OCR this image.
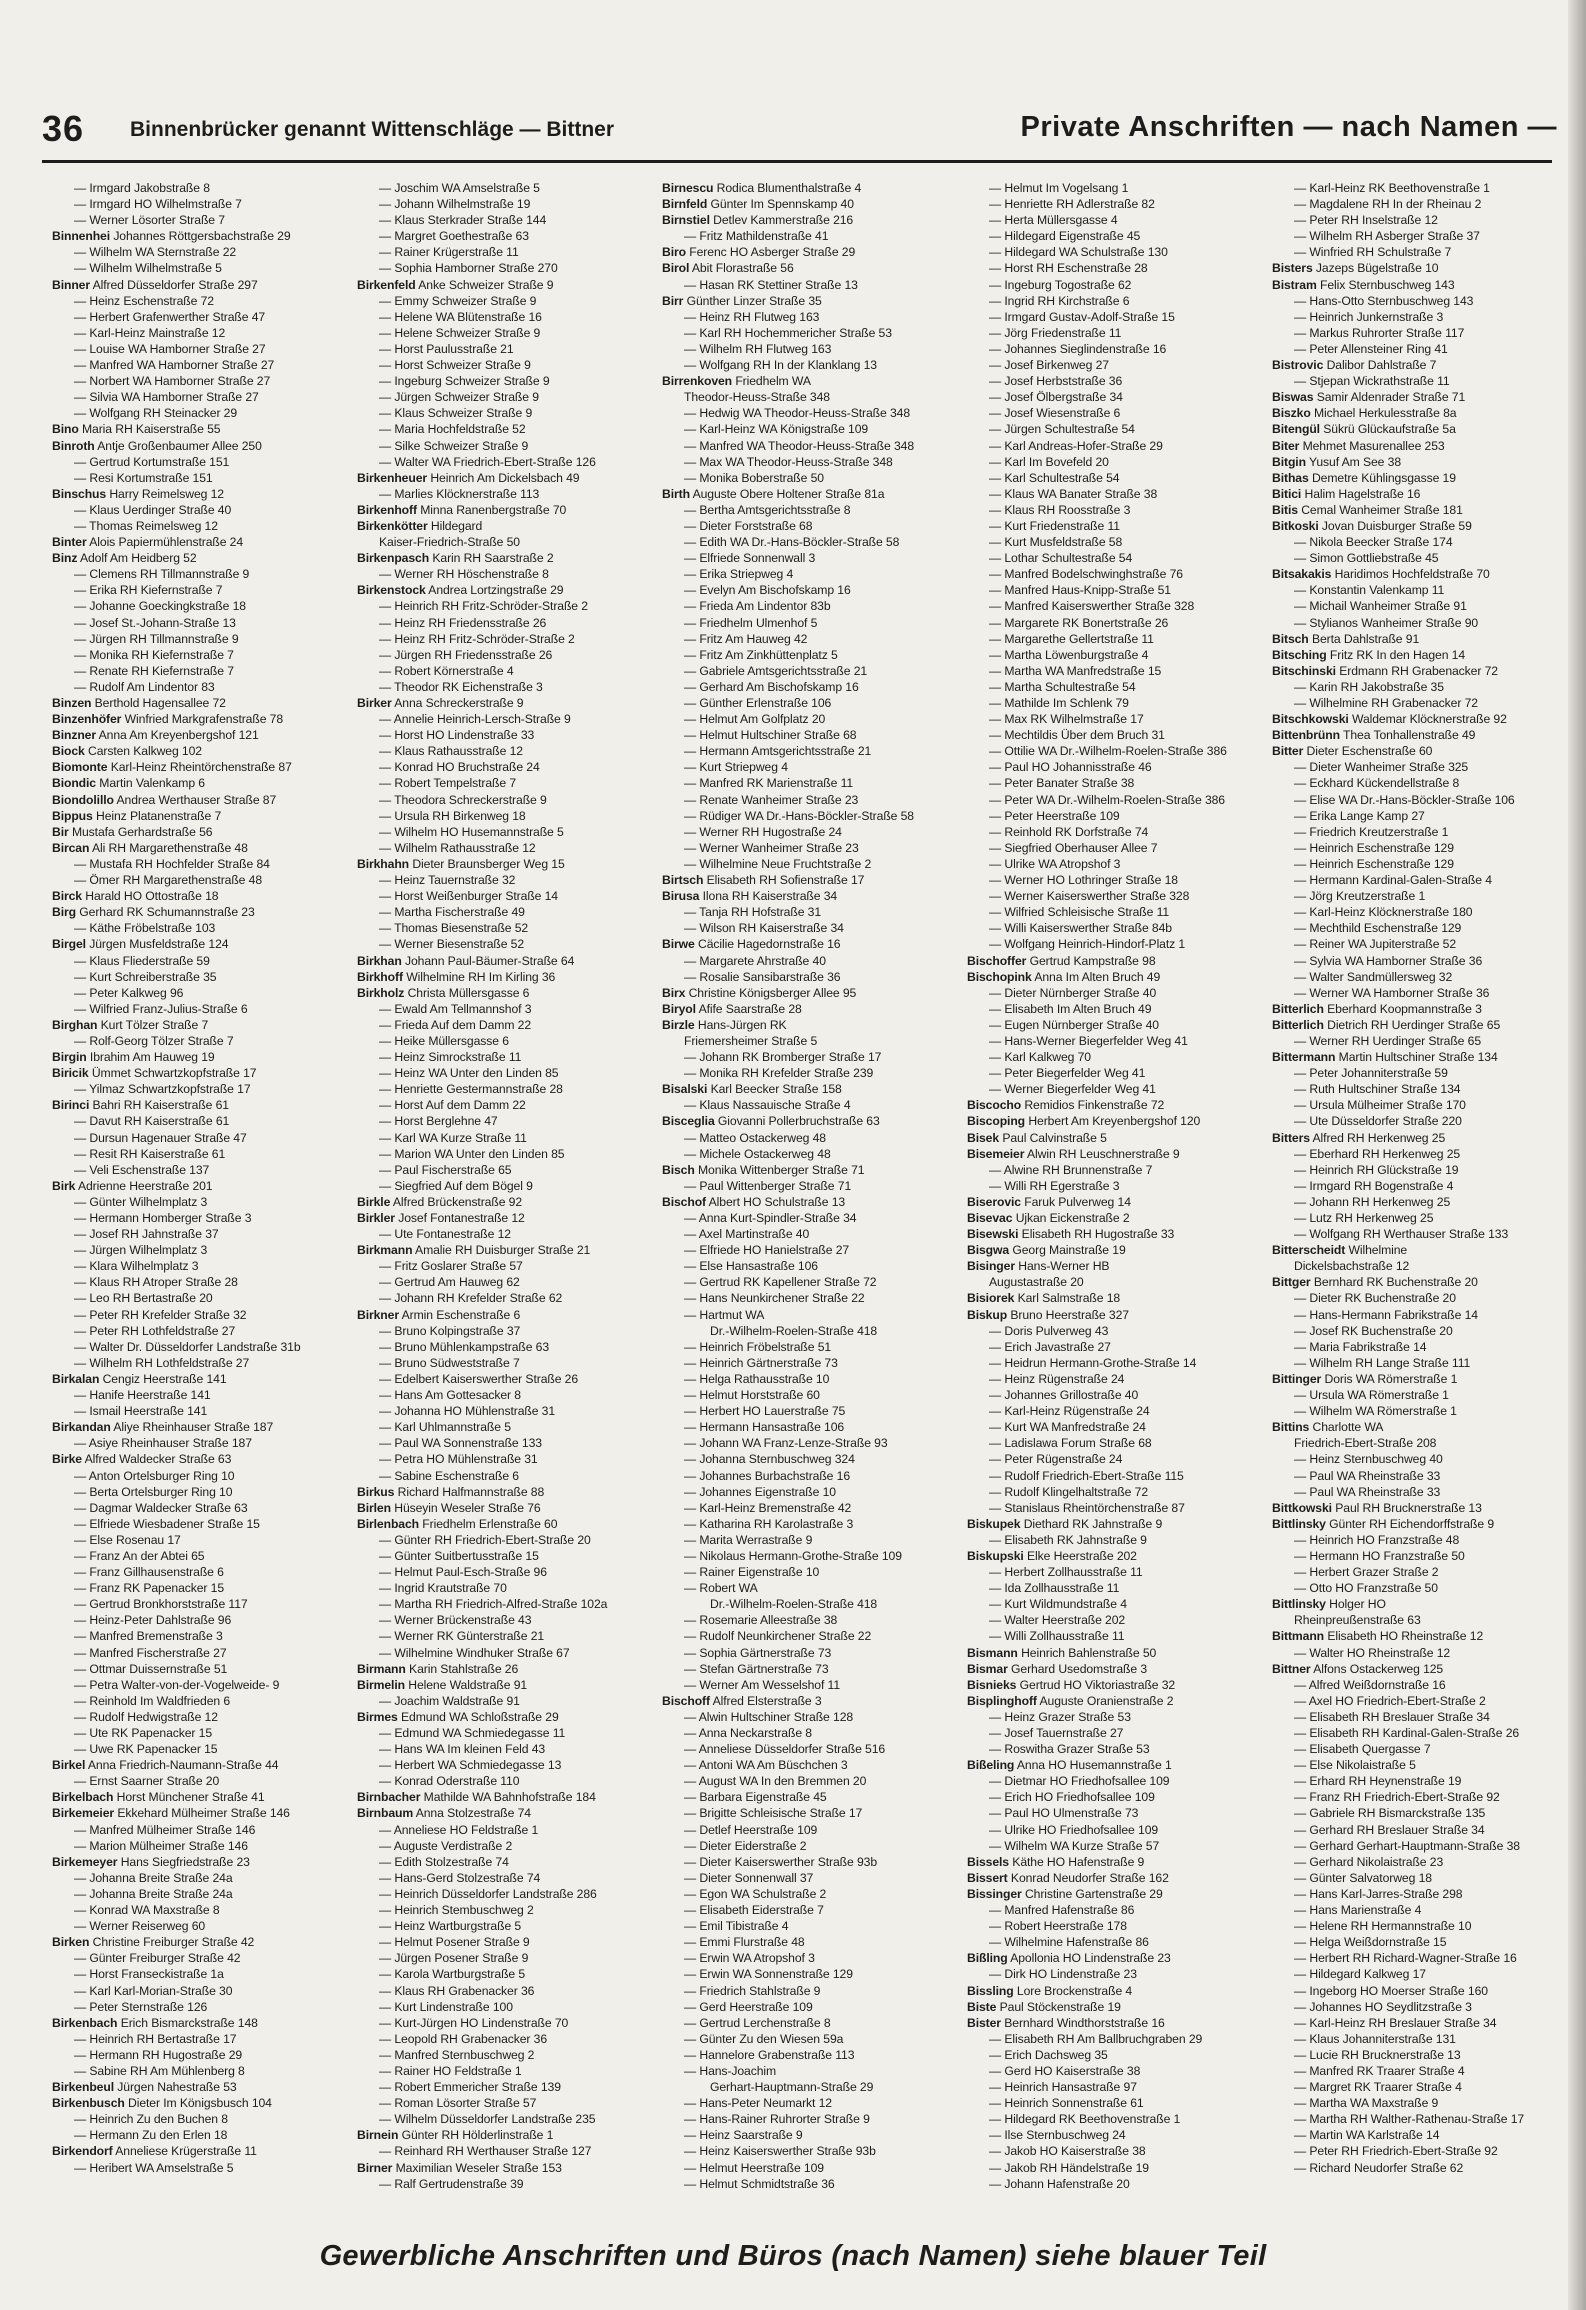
36 Binnenbrücker genannt Wittenschläge — Bittner	Private Anschriften — nach Namen —
— Irmgard Jakobstraße 8
— Irmgard HO Wilhelmstraße 7
— Werner Lösorter Straße 7
Binnenhei Johannes Röttgersbachstraße 29
— Wilhelm WA Sternstraße 22
— Wilhelm Wilhelmstraße 5
Binner Alfred Düsseldorfer Straße 297
— Heinz Eschenstraße 72
— Herbert Grafenwerther Straße 47
— Karl-Heinz Mainstraße 12
— Louise WA Hamborner Straße 27
— Manfred WA Hamborner Straße 27
— Norbert WA Hamborner Straße 27
— Silvia WA Hamborner Straße 27
— Wolfgang RH Steinacker 29
Bino Maria RH Kaiserstraße 55
Binroth Antje Großenbaumer Allee 250
— Gertrud Kortumstraße 151
— Resi Kortumstraße 151
Binschus Harry Reimelsweg 12
— Klaus Uerdinger Straße 40
— Thomas Reimelsweg 12
Binter Alois Papiermühlenstraße 24
Binz Adolf Am Heidberg 52
— Clemens RH Tillmannstraße 9
— Erika RH Kiefernstraße 7
— Johanne Goeckingkstraße 18
— Josef St.-Johann-Straße 13
— Jürgen RH Tillmannstraße 9
— Monika RH Kiefernstraße 7
— Renate RH Kiefernstraße 7
— Rudolf Am Lindentor 83
Binzen Berthold Hagensallee 72
Binzenhöfer Winfried Markgrafenstraße 78
Binzner Anna Am Kreyenbergshof 121
Biock Carsten Kalkweg 102
Biomonte Karl-Heinz Rheintörchenstraße 87
Biondic Martin Valenkamp 6
Biondolillo Andrea Werthauser Straße 87
Bippus Heinz Platanenstraße 7
Bir Mustafa Gerhardstraße 56
Bircan Ali RH Margarethenstraße 48
— Mustafa RH Hochfelder Straße 84
— Ömer RH Margarethenstraße 48
Birck Harald HO Ottostraße 18
Birg Gerhard RK Schumannstraße 23
— Käthe Fröbelstraße 103
Birgel Jürgen Musfeldstraße 124
— Klaus Fliederstraße 59
— Kurt Schreiberstraße 35
— Peter Kalkweg 96
— Wilfried Franz-Julius-Straße 6
Birghan Kurt Tölzer Straße 7
— Rolf-Georg Tölzer Straße 7
Birgin Ibrahim Am Hauweg 19
Biricik Ümmet Schwartzkopfstraße 17
— Yilmaz Schwartzkopfstraße 17
Birinci Bahri RH Kaiserstraße 61
— Davut RH Kaiserstraße 61
— Dursun Hagenauer Straße 47
— Resit RH Kaiserstraße 61
— Veli Eschenstraße 137
Birk Adrienne Heerstraße 201
— Günter Wilhelmplatz 3
— Hermann Homberger Straße 3
— Josef RH Jahnstraße 37
— Jürgen Wilhelmplatz 3
— Klara Wilhelmplatz 3
— Klaus RH Atroper Straße 28
— Leo RH Bertastraße 20
— Peter RH Krefelder Straße 32
— Peter RH Lothfeldstraße 27
— Walter Dr. Düsseldorfer Landstraße 31b
— Wilhelm RH Lothfeldstraße 27
Birkalan Cengiz Heerstraße 141
— Hanife Heerstraße 141
— Ismail Heerstraße 141
Birkandan Aliye Rheinhauser Straße 187
— Asiye Rheinhauser Straße 187
Birke Alfred Waldecker Straße 63
— Anton Ortelsburger Ring 10
— Berta Ortelsburger Ring 10
— Dagmar Waldecker Straße 63
— Elfriede Wiesbadener Straße 15
— Else Rosenau 17
— Franz An der Abtei 65
— Franz Gillhausenstraße 6
— Franz RK Papenacker 15
— Gertrud Bronkhorststraße 117
— Heinz-Peter Dahlstraße 96
— Manfred Bremenstraße 3
— Manfred Fischerstraße 27
— Ottmar Duissernstraße 51
— Petra Walter-von-der-Vogelweide- 9
— Reinhold Im Waldfrieden 6
— Rudolf Hedwigstraße 12
— Ute RK Papenacker 15
— Uwe RK Papenacker 15
Birkel Anna Friedrich-Naumann-Straße 44
— Ernst Saarner Straße 20
Birkelbach Horst Münchener Straße 41
Birkemeier Ekkehard Mülheimer Straße 146
— Manfred Mülheimer Straße 146
— Marion Mülheimer Straße 146
Birkemeyer Hans Siegfriedstraße 23
— Johanna Breite Straße 24a
— Johanna Breite Straße 24a
— Konrad WA Maxstraße 8
— Werner Reiserweg 60
Birken Christine Freiburger Straße 42
— Günter Freiburger Straße 42
— Horst Franseckistraße 1a
— Karl Karl-Morian-Straße 30
— Peter Sternstraße 126
Birkenbach Erich Bismarckstraße 148
— Heinrich RH Bertastraße 17
— Hermann RH Hugostraße 29
— Sabine RH Am Mühlenberg 8
Birkenbeul Jürgen Nahestraße 53
Birkenbusch Dieter Im Königsbusch 104
— Heinrich Zu den Buchen 8
— Hermann Zu den Erlen 18
Birkendorf Anneliese Krügerstraße 11
— Heribert WA Amselstraße 5
— Joschim WA Amselstraße 5
— Johann Wilhelmstraße 19
— Klaus Sterkrader Straße 144
— Margret Goethestraße 63
— Rainer Krügerstraße 11
— Sophia Hamborner Straße 270
Birkenfeld Anke Schweizer Straße 9
— Emmy Schweizer Straße 9
— Helene WA Blütenstraße 16
— Helene Schweizer Straße 9
— Horst Paulusstraße 21
— Horst Schweizer Straße 9
— Ingeburg Schweizer Straße 9
— Jürgen Schweizer Straße 9
— Klaus Schweizer Straße 9
— Maria Hochfeldstraße 52
— Silke Schweizer Straße 9
— Walter WA Friedrich-Ebert-Straße 126
Birkenheuer Heinrich Am Dickelsbach 49
— Marlies Klöcknerstraße 113
Birkenhoff Minna Ranenbergstraße 70
Birkenkötter Hildegard
Kaiser-Friedrich-Straße 50
Birkenpasch Karin RH Saarstraße 2
— Werner RH Höschenstraße 8
Birkenstock Andrea Lortzingstraße 29
— Heinrich RH Fritz-Schröder-Straße 2
— Heinz RH Friedensstraße 26
— Heinz RH Fritz-Schröder-Straße 2
— Jürgen RH Friedensstraße 26
— Robert Körnerstraße 4
— Theodor RK Eichenstraße 3
Birker Anna Schreckerstraße 9
— Annelie Heinrich-Lersch-Straße 9
— Horst HO Lindenstraße 33
— Klaus Rathausstraße 12
— Konrad HO Bruchstraße 24
— Robert Tempelstraße 7
— Theodora Schreckerstraße 9
— Ursula RH Birkenweg 18
— Wilhelm HO Husemannstraße 5
— Wilhelm Rathausstraße 12
Birkhahn Dieter Braunsberger Weg 15
— Heinz Tauernstraße 32
— Horst Weißenburger Straße 14
— Martha Fischerstraße 49
— Thomas Biesenstraße 52
— Werner Biesenstraße 52
Birkhan Johann Paul-Bäumer-Straße 64
Birkhoff Wilhelmine RH Im Kirling 36
Birkholz Christa Müllersgasse 6
— Ewald Am Tellmannshof 3
— Frieda Auf dem Damm 22
— Heike Müllersgasse 6
— Heinz Simrockstraße 11
— Heinz WA Unter den Linden 85
— Henriette Gestermannstraße 28
— Horst Auf dem Damm 22
— Horst Berglehne 47
— Karl WA Kurze Straße 11
— Marion WA Unter den Linden 85
— Paul Fischerstraße 65
— Siegfried Auf dem Bögel 9
Birkle Alfred Brückenstraße 92
Birkler Josef Fontanestraße 12
— Ute Fontanestraße 12
Birkmann Amalie RH Duisburger Straße 21
— Fritz Goslarer Straße 57
— Gertrud Am Hauweg 62
— Johann RH Krefelder Straße 62
Birkner Armin Eschenstraße 6
— Bruno Kolpingstraße 37
— Bruno Mühlenkampstraße 63
— Bruno Südweststraße 7
— Edelbert Kaiserswerther Straße 26
— Hans Am Gottesacker 8
— Johanna HO Mühlenstraße 31
— Karl Uhlmannstraße 5
— Paul WA Sonnenstraße 133
— Petra HO Mühlenstraße 31
— Sabine Eschenstraße 6
Birkus Richard Halfmannstraße 88
Birlen Hüseyin Weseler Straße 76
Birlenbach Friedhelm Erlenstraße 60
— Günter RH Friedrich-Ebert-Straße 20
— Günter Suitbertusstraße 15
— Helmut Paul-Esch-Straße 96
— Ingrid Krautstraße 70
— Martha RH Friedrich-Alfred-Straße 102a
— Werner Brückenstraße 43
— Werner RK Günterstraße 21
— Wilhelmine Windhuker Straße 67
Birmann Karin Stahlstraße 26
Birmelin Helene Waldstraße 91
— Joachim Waldstraße 91
Birmes Edmund WA Schloßstraße 29
— Edmund WA Schmiedegasse 11
— Hans WA Im kleinen Feld 43
— Herbert WA Schmiedegasse 13
— Konrad Oderstraße 110
Birnbacher Mathilde WA Bahnhofstraße 184
Birnbaum Anna Stolzestraße 74
— Anneliese HO Feldstraße 1
— Auguste Verdistraße 2
— Edith Stolzestraße 74
— Hans-Gerd Stolzestraße 74
— Heinrich Düsseldorfer Landstraße 286
— Heinrich Stembuschweg 2
— Heinz Wartburgstraße 5
— Helmut Posener Straße 9
— Jürgen Posener Straße 9
— Karola Wartburgstraße 5
— Klaus RH Grabenacker 36
— Kurt Lindenstraße 100
— Kurt-Jürgen HO Lindenstraße 70
— Leopold RH Grabenacker 36
— Manfred Sternbuschweg 2
— Rainer HO Feldstraße 1
— Robert Emmericher Straße 139
— Roman Lösorter Straße 57
— Wilhelm Düsseldorfer Landstraße 235
Birnein Günter RH Hölderlinstraße 1
— Reinhard RH Werthauser Straße 127
Birner Maximilian Weseler Straße 153
— Ralf Gertrudenstraße 39
Birnescu Rodica Blumenthalstraße 4
Birnfeld Günter Im Spennskamp 40
Birnstiel Detlev Kammerstraße 216
— Fritz Mathildenstraße 41
Biro Ferenc HO Asberger Straße 29
Birol Abit Florastraße 56
— Hasan RK Stettiner Straße 13
Birr Günther Linzer Straße 35
— Heinz RH Flutweg 163
— Karl RH Hochemmericher Straße 53
— Wilhelm RH Flutweg 163
— Wolfgang RH In der Klanklang 13
Birrenkoven Friedhelm WA
Theodor-Heuss-Straße 348
— Hedwig WA Theodor-Heuss-Straße 348
— Karl-Heinz WA Königstraße 109
— Manfred WA Theodor-Heuss-Straße 348
— Max WA Theodor-Heuss-Straße 348
— Monika Boberstraße 50
Birth Auguste Obere Holtener Straße 81a
— Bertha Amtsgerichtsstraße 8
— Dieter Forststraße 68
— Edith WA Dr.-Hans-Böckler-Straße 58
— Elfriede Sonnenwall 3
— Erika Striepweg 4
— Evelyn Am Bischofskamp 16
— Frieda Am Lindentor 83b
— Friedhelm Ulmenhof 5
— Fritz Am Hauweg 42
— Fritz Am Zinkhüttenplatz 5
— Gabriele Amtsgerichtsstraße 21
— Gerhard Am Bischofskamp 16
— Günther Erlenstraße 106
— Helmut Am Golfplatz 20
— Helmut Hultschiner Straße 68
— Hermann Amtsgerichtsstraße 21
— Kurt Striepweg 4
— Manfred RK Marienstraße 11
— Renate Wanheimer Straße 23
— Rüdiger WA Dr.-Hans-Böckler-Straße 58
— Werner RH Hugostraße 24
— Werner Wanheimer Straße 23
— Wilhelmine Neue Fruchtstraße 2
Birtsch Elisabeth RH Sofienstraße 17
Birusa Ilona RH Kaiserstraße 34
— Tanja RH Hofstraße 31
— Wilson RH Kaiserstraße 34
Birwe Cäcilie Hagedornstraße 16
— Margarete Ahrstraße 40
— Rosalie Sansibarstraße 36
Birx Christine Königsberger Allee 95
Biryol Afife Saarstraße 28
Birzle Hans-Jürgen RK
Friemersheimer Straße 5
— Johann RK Bromberger Straße 17
— Monika RH Krefelder Straße 239
Bisalski Karl Beecker Straße 158
— Klaus Nassauische Straße 4
Bisceglia Giovanni Pollerbruchstraße 63
— Matteo Ostackerweg 48
— Michele Ostackerweg 48
Bisch Monika Wittenberger Straße 71
— Paul Wittenberger Straße 71
Bischof Albert HO Schulstraße 13
— Anna Kurt-Spindler-Straße 34
— Axel Martinstraße 40
— Elfriede HO Hanielstraße 27
— Else Hansastraße 106
— Gertrud RK Kapellener Straße 72
— Hans Neunkirchener Straße 22
— Hartmut WA
Dr.-Wilhelm-Roelen-Straße 418
— Heinrich Fröbelstraße 51
— Heinrich Gärtnerstraße 73
— Helga Rathausstraße 10
— Helmut Horststraße 60
— Herbert HO Lauerstraße 75
— Hermann Hansastraße 106
— Johann WA Franz-Lenze-Straße 93
— Johanna Sternbuschweg 324
— Johannes Burbachstraße 16
— Johannes Eigenstraße 10
— Karl-Heinz Bremenstraße 42
— Katharina RH Karolastraße 3
— Marita Werrastraße 9
— Nikolaus Hermann-Grothe-Straße 109
— Rainer Eigenstraße 10
— Robert WA
Dr.-Wilhelm-Roelen-Straße 418
— Rosemarie Alleestraße 38
— Rudolf Neunkirchener Straße 22
— Sophia Gärtnerstraße 73
— Stefan Gärtnerstraße 73
— Werner Am Wesselshof 11
Bischoff Alfred Elsterstraße 3
— Alwin Hultschiner Straße 128
— Anna Neckarstraße 8
— Anneliese Düsseldorfer Straße 516
— Antoni WA Am Büschchen 3
— August WA In den Bremmen 20
— Barbara Eigenstraße 45
— Brigitte Schleisische Straße 17
— Detlef Heerstraße 109
— Dieter Eiderstraße 2
— Dieter Kaiserswerther Straße 93b
— Dieter Sonnenwall 37
— Egon WA Schulstraße 2
— Elisabeth Eiderstraße 7
— Emil Tibistraße 4
— Emmi Flurstraße 48
— Erwin WA Atropshof 3
— Erwin WA Sonnenstraße 129
— Friedrich Stahlstraße 9
— Gerd Heerstraße 109
— Gertrud Lerchenstraße 8
— Günter Zu den Wiesen 59a
— Hannelore Grabenstraße 113
— Hans-Joachim
Gerhart-Hauptmann-Straße 29
— Hans-Peter Neumarkt 12
— Hans-Rainer Ruhrorter Straße 9
— Heinz Saarstraße 9
— Heinz Kaiserswerther Straße 93b
— Helmut Heerstraße 109
— Helmut Schmidtstraße 36
— Helmut Im Vogelsang 1
— Henriette RH Adlerstraße 82
— Herta Müllersgasse 4
— Hildegard Eigenstraße 45
— Hildegard WA Schulstraße 130
— Horst RH Eschenstraße 28
— Ingeburg Togostraße 62
— Ingrid RH Kirchstraße 6
— Irmgard Gustav-Adolf-Straße 15
— Jörg Friedenstraße 11
— Johannes Sieglindenstraße 16
— Josef Birkenweg 27
— Josef Herbststraße 36
— Josef Ölbergstraße 34
— Josef Wiesenstraße 6
— Jürgen Schultestraße 54
— Karl Andreas-Hofer-Straße 29
— Karl Im Bovefeld 20
— Karl Schultestraße 54
— Klaus WA Banater Straße 38
— Klaus RH Roosstraße 3
— Kurt Friedenstraße 11
— Kurt Musfeldstraße 58
— Lothar Schultestraße 54
— Manfred Bodelschwinghstraße 76
— Manfred Haus-Knipp-Straße 51
— Manfred Kaiserswerther Straße 328
— Margarete RK Bonertstraße 26
— Margarethe Gellertstraße 11
— Martha Löwenburgstraße 4
— Martha WA Manfredstraße 15
— Martha Schultestraße 54
— Mathilde Im Schlenk 79
— Max RK Wilhelmstraße 17
— Mechtildis Über dem Bruch 31
— Ottilie WA Dr.-Wilhelm-Roelen-Straße 386
— Paul HO Johannisstraße 46
— Peter Banater Straße 38
— Peter WA Dr.-Wilhelm-Roelen-Straße 386
— Peter Heerstraße 109
— Reinhold RK Dorfstraße 74
— Siegfried Oberhauser Allee 7
— Ulrike WA Atropshof 3
— Werner HO Lothringer Straße 18
— Werner Kaiserswerther Straße 328
— Wilfried Schleisische Straße 11
— Willi Kaiserswerther Straße 84b
— Wolfgang Heinrich-Hindorf-Platz 1
Bischoffer Gertrud Kampstraße 98
Bischopink Anna Im Alten Bruch 49
— Dieter Nürnberger Straße 40
— Elisabeth Im Alten Bruch 49
— Eugen Nürnberger Straße 40
— Hans-Werner Biegerfelder Weg 41
— Karl Kalkweg 70
— Peter Biegerfelder Weg 41
— Werner Biegerfelder Weg 41
Biscocho Remidios Finkenstraße 72
Biscoping Herbert Am Kreyenbergshof 120
Bisek Paul Calvinstraße 5
Bisemeier Alwin RH Leuschnerstraße 9
— Alwine RH Brunnenstraße 7
— Willi RH Egerstraße 3
Biserovic Faruk Pulverweg 14
Bisevac Ujkan Eickenstraße 2
Bisewski Elisabeth RH Hugostraße 33
Bisgwa Georg Mainstraße 19
Bisinger Hans-Werner HB
Augustastraße 20
Bisiorek Karl Salmstraße 18
Biskup Bruno Heerstraße 327
— Doris Pulverweg 43
— Erich Javastraße 27
— Heidrun Hermann-Grothe-Straße 14
— Heinz Rügenstraße 24
— Johannes Grillostraße 40
— Karl-Heinz Rügenstraße 24
— Kurt WA Manfredstraße 24
— Ladislawa Forum Straße 68
— Peter Rügenstraße 24
— Rudolf Friedrich-Ebert-Straße 115
— Rudolf Klingelhaltstraße 72
— Stanislaus Rheintörchenstraße 87
Biskupek Diethard RK Jahnstraße 9
— Elisabeth RK Jahnstraße 9
Biskupski Elke Heerstraße 202
— Herbert Zollhausstraße 11
— Ida Zollhausstraße 11
— Kurt Wildmundstraße 4
— Walter Heerstraße 202
— Willi Zollhausstraße 11
Bismann Heinrich Bahlenstraße 50
Bismar Gerhard Usedomstraße 3
Bisnieks Gertrud HO Viktoriastraße 32
Bisplinghoff Auguste Oranienstraße 2
— Heinz Grazer Straße 53
— Josef Tauernstraße 27
— Roswitha Grazer Straße 53
Bißeling Anna HO Husemannstraße 1
— Dietmar HO Friedhofsallee 109
— Erich HO Friedhofsallee 109
— Paul HO Ulmenstraße 73
— Ulrike HO Friedhofsallee 109
— Wilhelm WA Kurze Straße 57
Bissels Käthe HO Hafenstraße 9
Bissert Konrad Neudorfer Straße 162
Bissinger Christine Gartenstraße 29
— Manfred Hafenstraße 86
— Robert Heerstraße 178
— Wilhelmine Hafenstraße 86
Bißling Apollonia HO Lindenstraße 23
— Dirk HO Lindenstraße 23
Bissling Lore Brockenstraße 4
Biste Paul Stöckenstraße 19
Bister Bernhard Windthorststraße 16
— Elisabeth RH Am Ballbruchgraben 29
— Erich Dachsweg 35
— Gerd HO Kaiserstraße 38
— Heinrich Hansastraße 97
— Heinrich Sonnenstraße 61
— Hildegard RK Beethovenstraße 1
— Ilse Sternbuschweg 24
— Jakob HO Kaiserstraße 38
— Jakob RH Händelstraße 19
— Johann Hafenstraße 20
— Karl-Heinz RK Beethovenstraße 1
— Magdalene RH In der Rheinau 2
— Peter RH Inselstraße 12
— Wilhelm RH Asberger Straße 37
— Winfried RH Schulstraße 7
Bisters Jazeps Bügelstraße 10
Bistram Felix Sternbuschweg 143
— Hans-Otto Sternbuschweg 143
— Heinrich Junkernstraße 3
— Markus Ruhrorter Straße 117
— Peter Allensteiner Ring 41
Bistrovic Dalibor Dahlstraße 7
— Stjepan Wickrathstraße 11
Biswas Samir Aldenrader Straße 71
Biszko Michael Herkulesstraße 8a
Bitengül Sükrü Glückaufstraße 5a
Biter Mehmet Masurenallee 253
Bitgin Yusuf Am See 38
Bithas Demetre Kühlingsgasse 19
Bitici Halim Hagelstraße 16
Bitis Cemal Wanheimer Straße 181
Bitkoski Jovan Duisburger Straße 59
— Nikola Beecker Straße 174
— Simon Gottliebstraße 45
Bitsakakis Haridimos Hochfeldstraße 70
— Konstantin Valenkamp 11
— Michail Wanheimer Straße 91
— Stylianos Wanheimer Straße 90
Bitsch Berta Dahlstraße 91
Bitsching Fritz RK In den Hagen 14
Bitschinski Erdmann RH Grabenacker 72
— Karin RH Jakobstraße 35
— Wilhelmine RH Grabenacker 72
Bitschkowski Waldemar Klöcknerstraße 92
Bittenbrünn Thea Tonhallenstraße 49
Bitter Dieter Eschenstraße 60
— Dieter Wanheimer Straße 325
— Eckhard Kückendellstraße 8
— Elise WA Dr.-Hans-Böckler-Straße 106
— Erika Lange Kamp 27
— Friedrich Kreutzerstraße 1
— Heinrich Eschenstraße 129
— Heinrich Eschenstraße 129
— Hermann Kardinal-Galen-Straße 4
— Jörg Kreutzerstraße 1
— Karl-Heinz Klöcknerstraße 180
— Mechthild Eschenstraße 129
— Reiner WA Jupiterstraße 52
— Sylvia WA Hamborner Straße 36
— Walter Sandmüllersweg 32
— Werner WA Hamborner Straße 36
Bitterlich Eberhard Koopmannstraße 3
Bitterlich Dietrich RH Uerdinger Straße 65
— Werner RH Uerdinger Straße 65
Bittermann Martin Hultschiner Straße 134
— Peter Johanniterstraße 59
— Ruth Hultschiner Straße 134
— Ursula Mülheimer Straße 170
— Ute Düsseldorfer Straße 220
Bitters Alfred RH Herkenweg 25
— Eberhard RH Herkenweg 25
— Heinrich RH Glückstraße 19
— Irmgard RH Bogenstraße 4
— Johann RH Herkenweg 25
— Lutz RH Herkenweg 25
— Wolfgang RH Werthauser Straße 133
Bitterscheidt Wilhelmine
Dickelsbachstraße 12
Bittger Bernhard RK Buchenstraße 20
— Dieter RK Buchenstraße 20
— Hans-Hermann Fabrikstraße 14
— Josef RK Buchenstraße 20
— Maria Fabrikstraße 14
— Wilhelm RH Lange Straße 111
Bittinger Doris WA Römerstraße 1
— Ursula WA Römerstraße 1
— Wilhelm WA Römerstraße 1
Bittins Charlotte WA
Friedrich-Ebert-Straße 208
— Heinz Sternbuschweg 40
— Paul WA Rheinstraße 33
— Paul WA Rheinstraße 33
Bittkowski Paul RH Brucknerstraße 13
Bittlinsky Günter RH Eichendorffstraße 9
— Heinrich HO Franzstraße 48
— Hermann HO Franzstraße 50
— Herbert Grazer Straße 2
— Otto HO Franzstraße 50
Bittlinsky Holger HO
Rheinpreußenstraße 63
Bittmann Elisabeth HO Rheinstraße 12
— Walter HO Rheinstraße 12
Bittner Alfons Ostackerweg 125
— Alfred Weißdornstraße 16
— Axel HO Friedrich-Ebert-Straße 2
— Elisabeth RH Breslauer Straße 34
— Elisabeth RH Kardinal-Galen-Straße 26
— Elisabeth Quergasse 7
— Else Nikolaistraße 5
— Erhard RH Heynenstraße 19
— Franz RH Friedrich-Ebert-Straße 92
— Gabriele RH Bismarckstraße 135
— Gerhard RH Breslauer Straße 34
— Gerhard Gerhart-Hauptmann-Straße 38
— Gerhard Nikolaistraße 23
— Günter Salvatorweg 18
— Hans Karl-Jarres-Straße 298
— Hans Marienstraße 4
— Helene RH Hermannstraße 10
— Helga Weißdornstraße 15
— Herbert RH Richard-Wagner-Straße 16
— Hildegard Kalkweg 17
— Ingeborg HO Moerser Straße 160
— Johannes HO Seydlitzstraße 3
— Karl-Heinz RH Breslauer Straße 34
— Klaus Johanniterstraße 131
— Lucie RH Brucknerstraße 13
— Manfred RK Traarer Straße 4
— Margret RK Traarer Straße 4
— Martha WA Maxstraße 9
— Martha RH Walther-Rathenau-Straße 17
— Martin WA Karlstraße 14
— Peter RH Friedrich-Ebert-Straße 92
— Richard Neudorfer Straße 62
Gewerbliche Anschriften und Büros (nach Namen) siehe blauer Teil
